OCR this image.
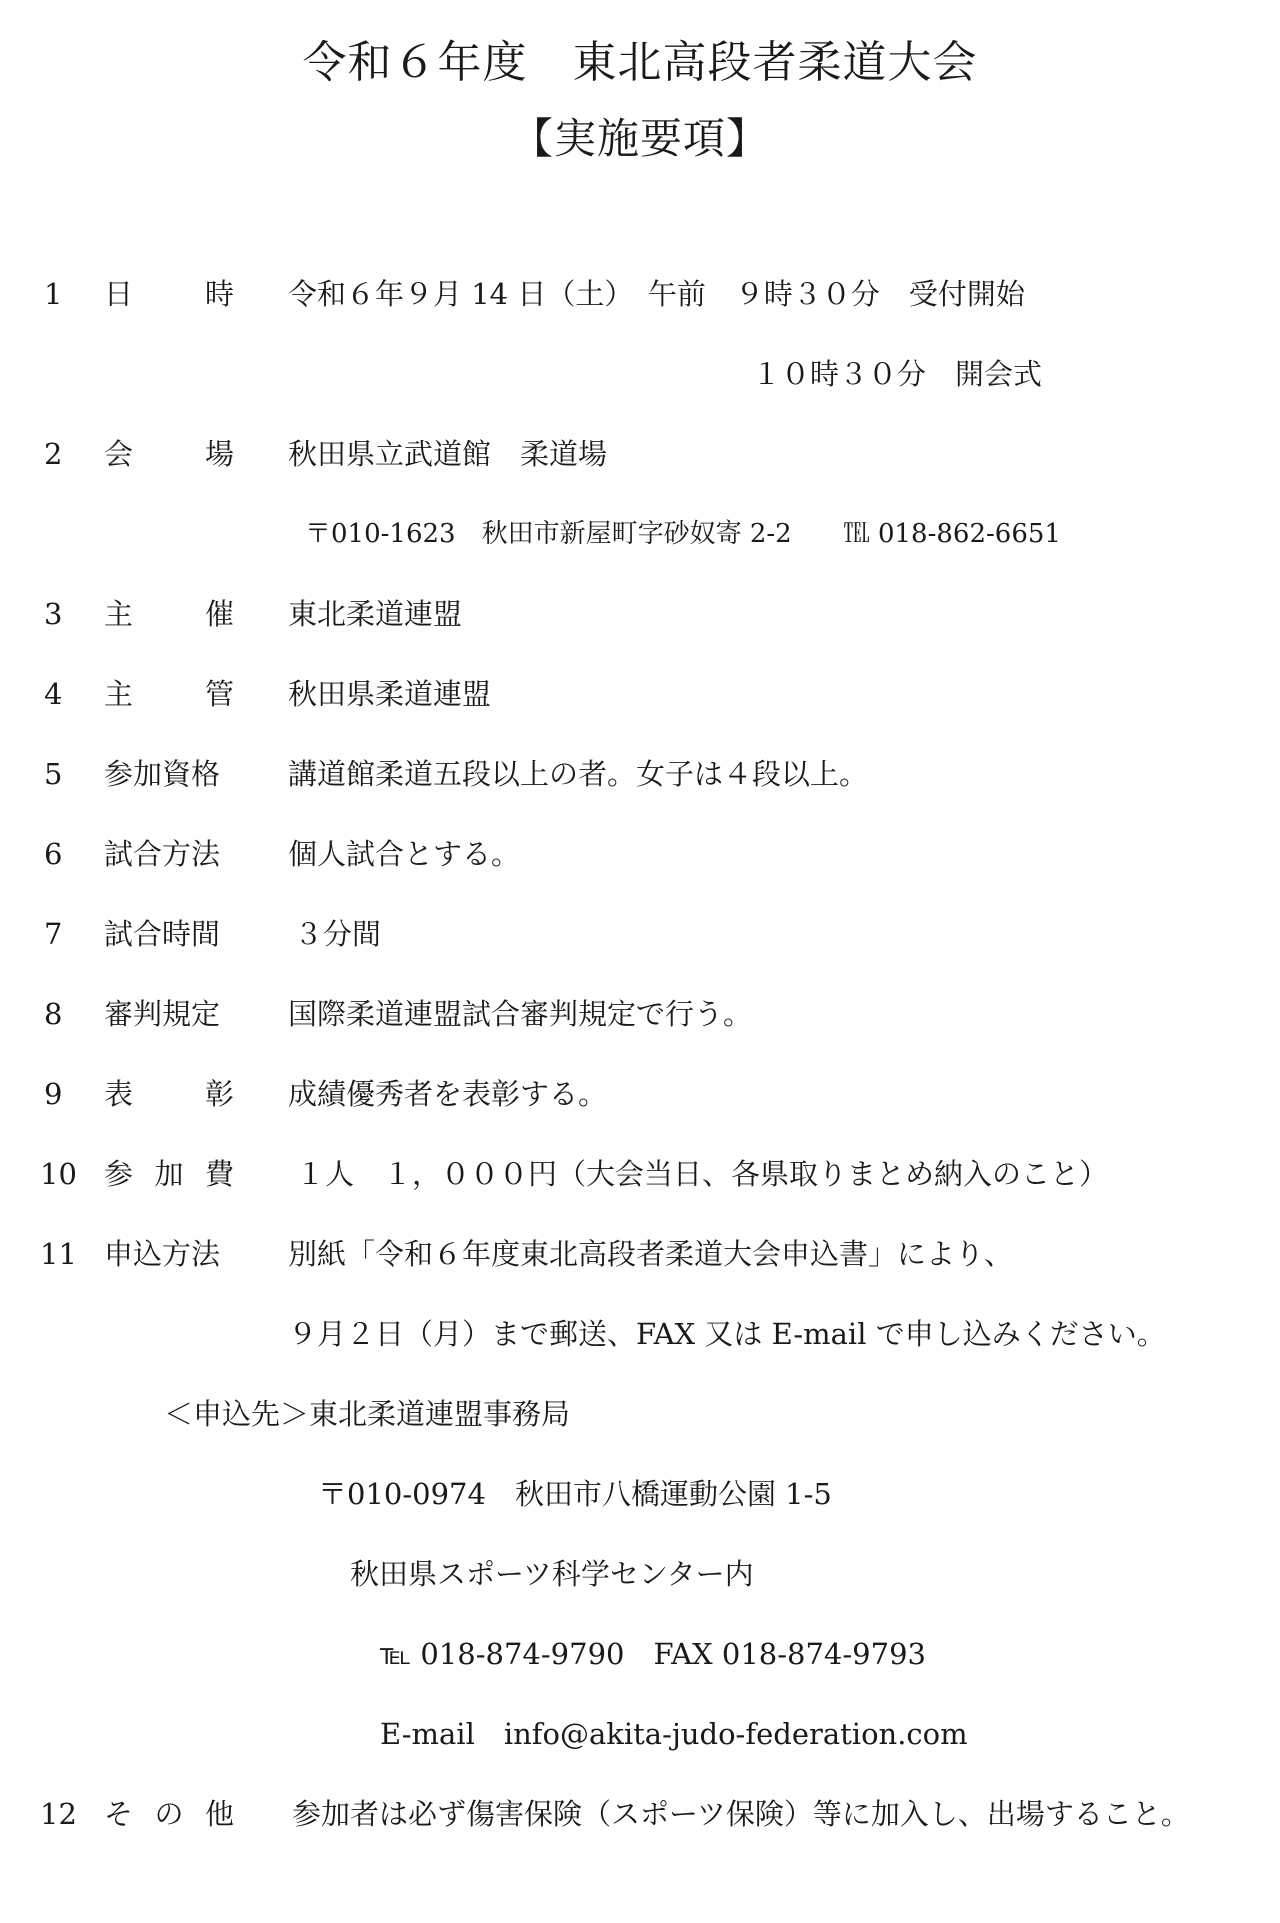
令和６年度　東北高段者柔道大会
【実施要項】
1	日 時 令和６年９月 14 日（土）　午前　９時３０分　受付開始
１０時３０分　開会式
2	会 場 秋田県立武道館　柔道場
〒010-1623　秋田市新屋町字砂奴寄 2-2　　℡ 018-862-6651
3	主 催 東北柔道連盟
4	主 管 秋田県柔道連盟
5	参加資格 講道館柔道五段以上の者。女子は４段以上。
6	試合方法 個人試合とする。
7	試合時間	３分間
8	審判規定 国際柔道連盟試合審判規定で行う。
9	表 彰 成績優秀者を表彰する。
10 参 加 費 １人　１，０００円（大会当日、各県取りまとめ納入のこと）
11 申込方法 別紙「令和６年度東北高段者柔道大会申込書」により、
９月２日（月）まで郵送、FAX 又は E-mail で申し込みください。
＜申込先＞東北柔道連盟事務局
〒010-0974　秋田市八橋運動公園 1-5
秋田県スポーツ科学センター内
℡ 018-874-9790　FAX 018-874-9793
E-mail　info@akita-judo-federation.com
12 そ の 他 参加者は必ず傷害保険（スポーツ保険）等に加入し、出場すること。
